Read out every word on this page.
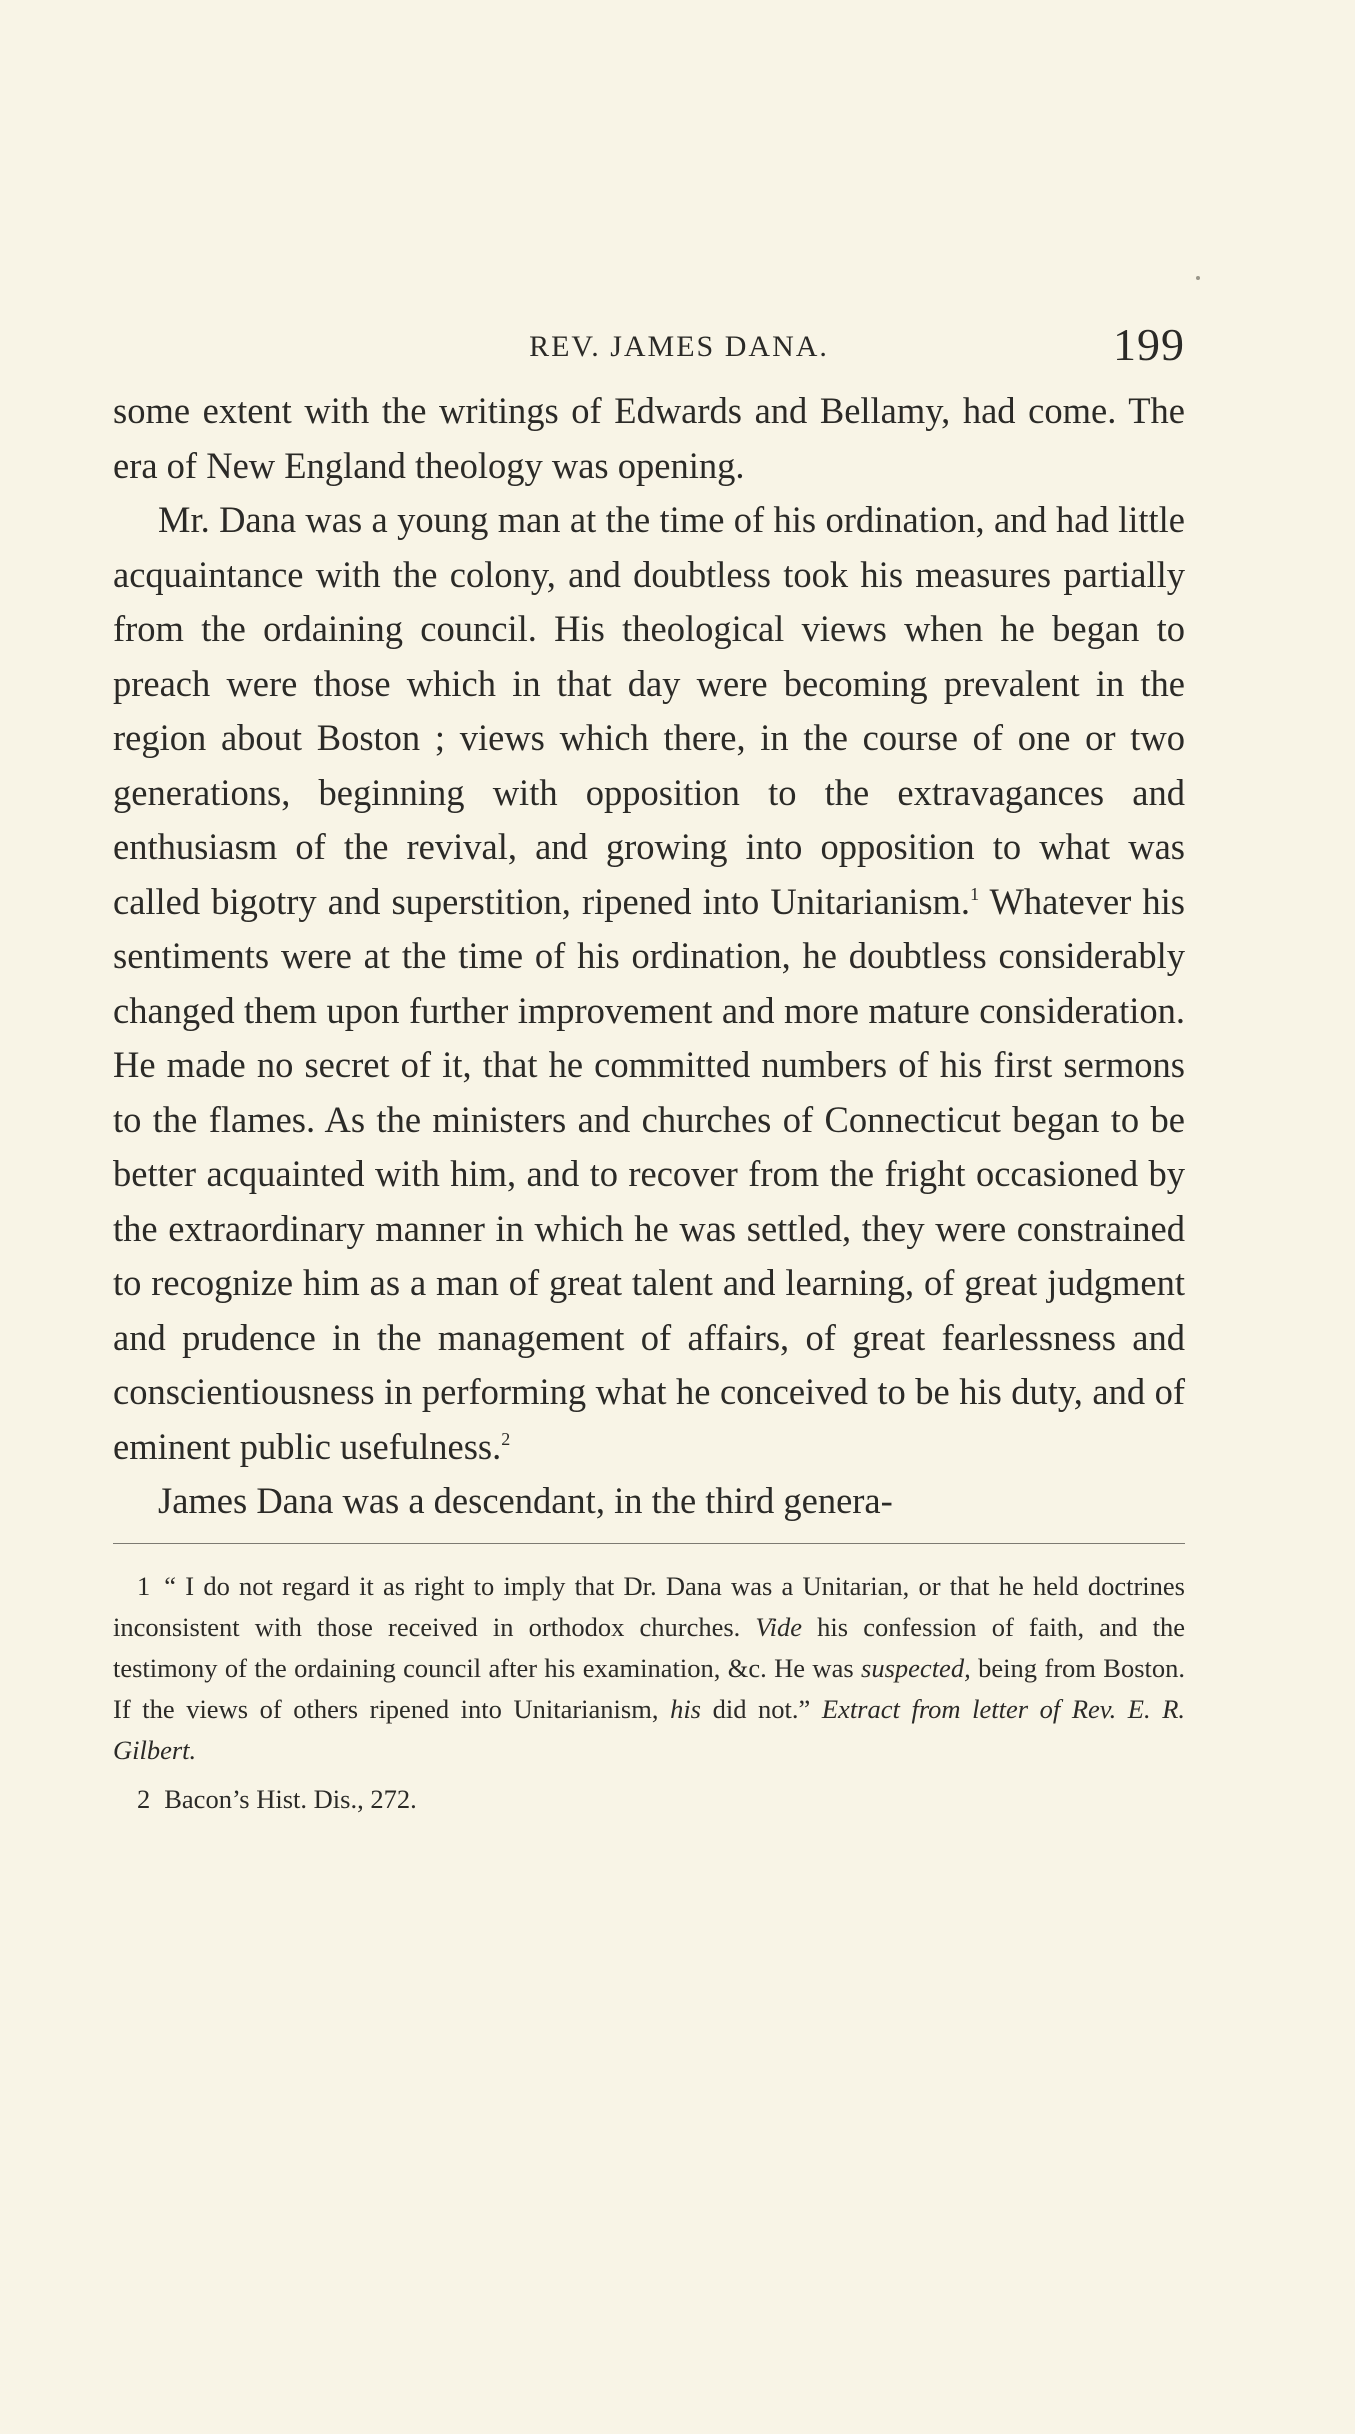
REV. JAMES DANA.	199

some extent with the writings of Edwards and Bellamy, had come. The era of New England theology was opening.

Mr. Dana was a young man at the time of his ordination, and had little acquaintance with the colony, and doubtless took his measures partially from the ordaining council. His theological views when he began to preach were those which in that day were becoming prevalent in the region about Boston ; views which there, in the course of one or two generations, beginning with opposition to the extravagances and enthusiasm of the revival, and growing into opposition to what was called bigotry and superstition, ripened into Unitarianism.$^1$ Whatever his sentiments were at the time of his ordination, he doubtless considerably changed them upon further improvement and more mature consideration. He made no secret of it, that he committed numbers of his first sermons to the flames. As the ministers and churches of Connecticut began to be better acquainted with him, and to recover from the fright occasioned by the extraordinary manner in which he was settled, they were constrained to recognize him as a man of great talent and learning, of great judgment and prudence in the management of affairs, of great fearlessness and conscientiousness in performing what he conceived to be his duty, and of eminent public usefulness.$^2$

James Dana was a descendant, in the third genera-

1 “ I do not regard it as right to imply that Dr. Dana was a Unitarian, or that he held doctrines inconsistent with those received in orthodox churches. Vide his confession of faith, and the testimony of the ordaining council after his examination, &c. He was suspected, being from Boston. If the views of others ripened into Unitarianism, his did not.” Extract from letter of Rev. E. R. Gilbert.

2 Bacon’s Hist. Dis., 272.
